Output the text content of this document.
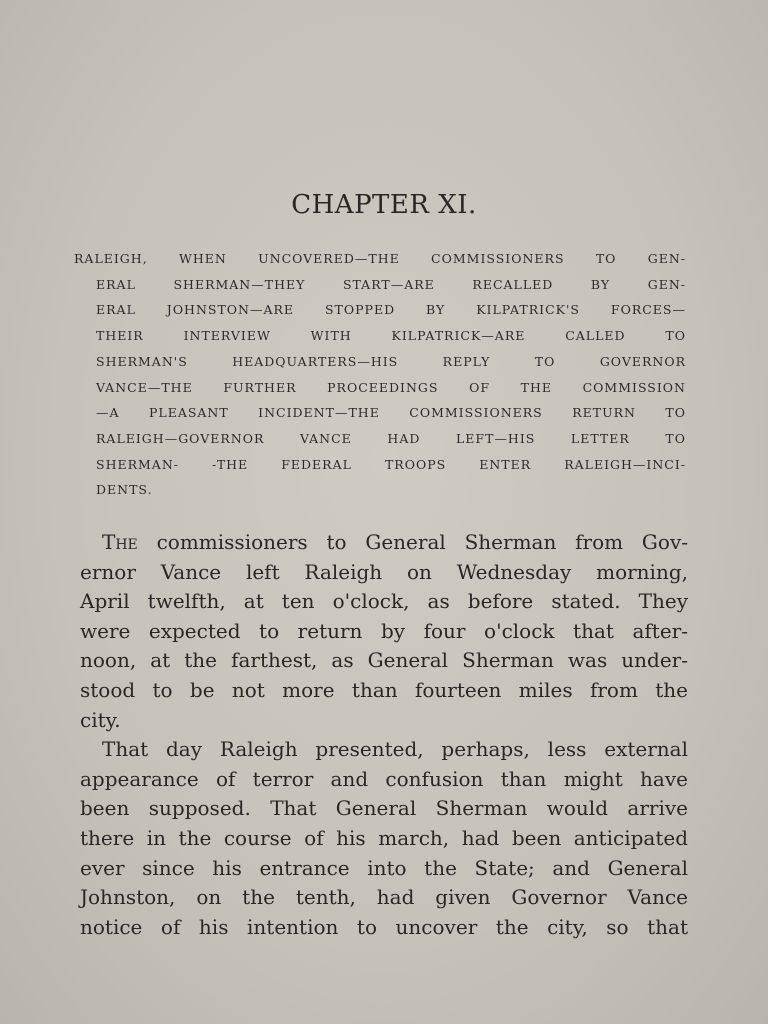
CHAPTER XI.
RALEIGH, WHEN UNCOVERED—THE COMMISSIONERS TO GEN-
ERAL SHERMAN—THEY START—ARE RECALLED BY GEN-
ERAL JOHNSTON—ARE STOPPED BY KILPATRICK'S FORCES—
THEIR INTERVIEW WITH KILPATRICK—ARE CALLED TO
SHERMAN'S HEADQUARTERS—HIS REPLY TO GOVERNOR
VANCE—THE FURTHER PROCEEDINGS OF THE COMMISSION
—A PLEASANT INCIDENT—THE COMMISSIONERS RETURN TO
RALEIGH—GOVERNOR VANCE HAD LEFT—HIS LETTER TO
SHERMAN- -THE FEDERAL TROOPS ENTER RALEIGH—INCI-
DENTS.
The commissioners to General Sherman from Gov-
ernor Vance left Raleigh on Wednesday morning,
April twelfth, at ten o'clock, as before stated. They
were expected to return by four o'clock that after-
noon, at the farthest, as General Sherman was under-
stood to be not more than fourteen miles from the
city.
That day Raleigh presented, perhaps, less external
appearance of terror and confusion than might have
been supposed. That General Sherman would arrive
there in the course of his march, had been anticipated
ever since his entrance into the State; and General
Johnston, on the tenth, had given Governor Vance
notice of his intention to uncover the city, so that
